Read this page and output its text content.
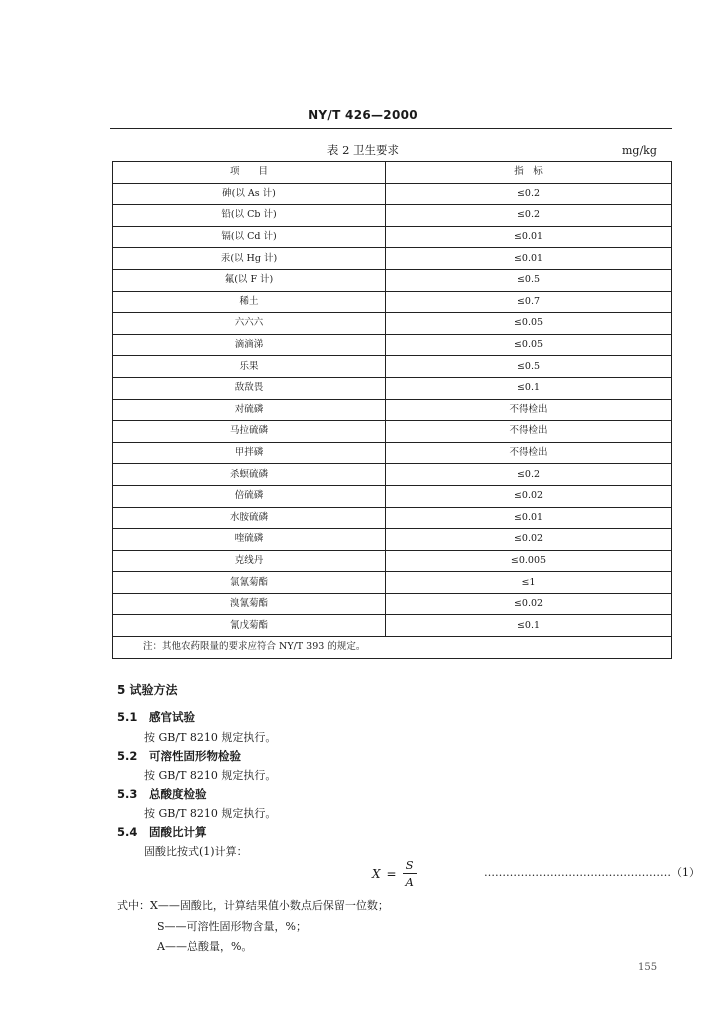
NY/T 426—2000
表 2 卫生要求	mg/kg
项　　目	指　标
砷(以 As 计)	≤0.2
铅(以 Cb 计)	≤0.2
镉(以 Cd 计)	≤0.01
汞(以 Hg 计)	≤0.01
氟(以 F 计)	≤0.5
稀土	≤0.7
六六六	≤0.05
滴滴涕	≤0.05
乐果	≤0.5
敌敌畏	≤0.1
对硫磷	不得检出
马拉硫磷	不得检出
甲拌磷	不得检出
杀螟硫磷	≤0.2
倍硫磷	≤0.02
水胺硫磷	≤0.01
喹硫磷	≤0.02
克线丹	≤0.005
氯氰菊酯	≤1
溴氰菊酯	≤0.02
氰戊菊酯	≤0.1
注：其他农药限量的要求应符合 NY/T 393 的规定。	
5 试验方法
5.1 感官试验
按 GB/T 8210 规定执行。
5.2 可溶性固形物检验
按 GB/T 8210 规定执行。
5.3 总酸度检验
按 GB/T 8210 规定执行。
5.4 固酸比计算
固酸比按式(1)计算：
$X = \frac{S}{A}$	……………………………………………（1）
式中：X——固酸比，计算结果值小数点后保留一位数；
S——可溶性固形物含量，%；
A——总酸量，%。
155
